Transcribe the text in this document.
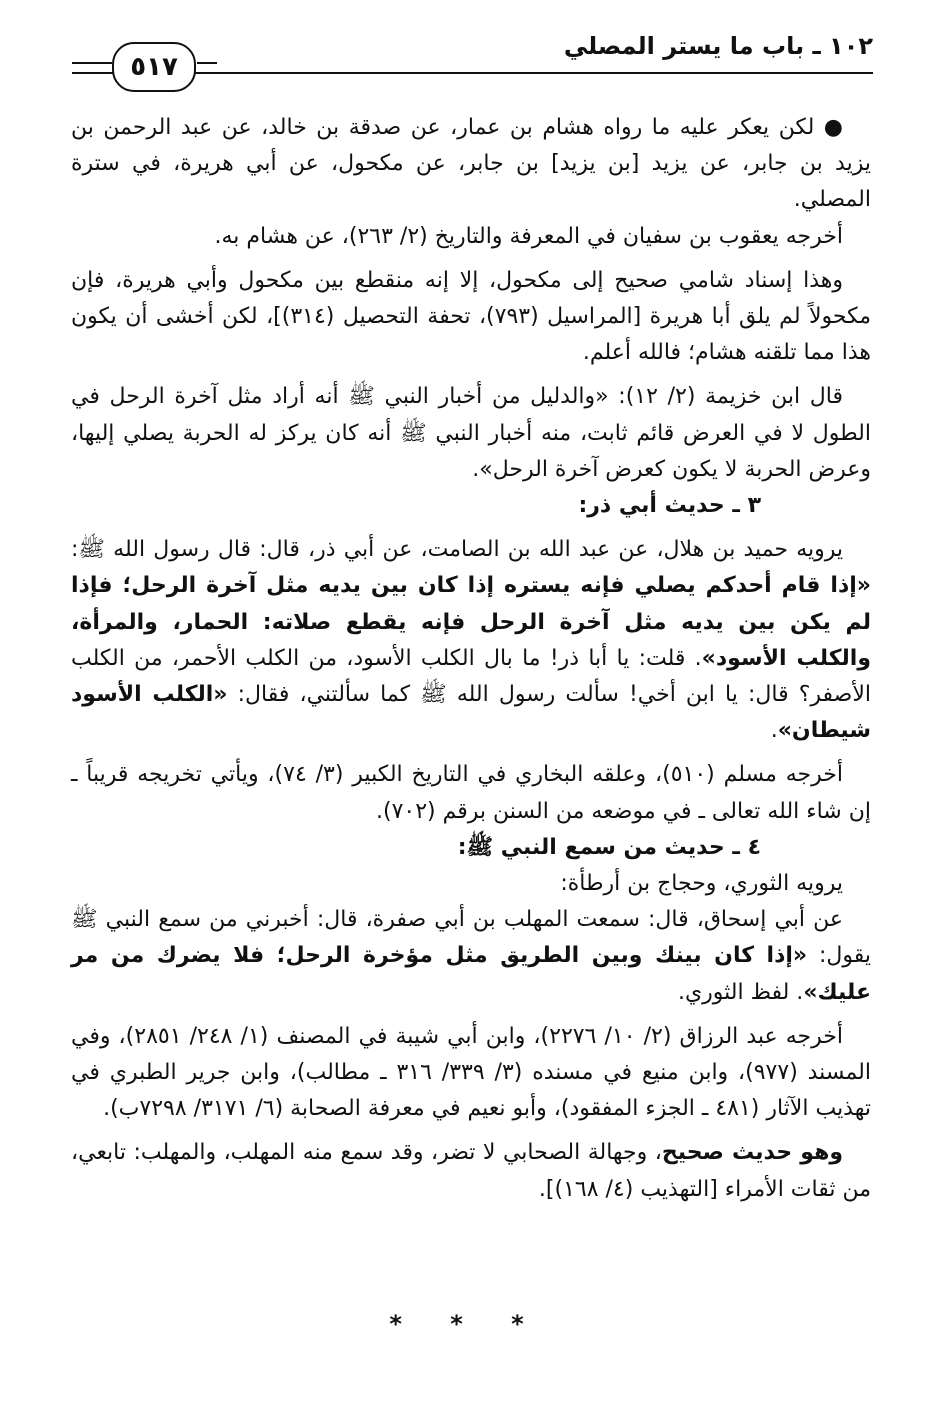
١٠٢ ـ باب ما يستر المصلي
٥١٧

● لكن يعكر عليه ما رواه هشام بن عمار، عن صدقة بن خالد، عن عبد الرحمن بن يزيد بن جابر، عن يزيد [بن يزيد] بن جابر، عن مكحول، عن أبي هريرة، في سترة المصلي.

أخرجه يعقوب بن سفيان في المعرفة والتاريخ (٢/ ٢٦٣)، عن هشام به.

وهذا إسناد شامي صحيح إلى مكحول، إلا إنه منقطع بين مكحول وأبي هريرة، فإن مكحولاً لم يلق أبا هريرة [المراسيل (٧٩٣)، تحفة التحصيل (٣١٤)]، لكن أخشى أن يكون هذا مما تلقنه هشام؛ فالله أعلم.

قال ابن خزيمة (٢/ ١٢): «والدليل من أخبار النبي ﷺ أنه أراد مثل آخرة الرحل في الطول لا في العرض قائم ثابت، منه أخبار النبي ﷺ أنه كان يركز له الحربة يصلي إليها، وعرض الحربة لا يكون كعرض آخرة الرحل».

٣ ـ حديث أبي ذر:

يرويه حميد بن هلال، عن عبد الله بن الصامت، عن أبي ذر، قال: قال رسول الله ﷺ: «إذا قام أحدكم يصلي فإنه يستره إذا كان بين يديه مثل آخرة الرحل؛ فإذا لم يكن بين يديه مثل آخرة الرحل فإنه يقطع صلاته: الحمار، والمرأة، والكلب الأسود». قلت: يا أبا ذر! ما بال الكلب الأسود، من الكلب الأحمر، من الكلب الأصفر؟ قال: يا ابن أخي! سألت رسول الله ﷺ كما سألتني، فقال: «الكلب الأسود شيطان».

أخرجه مسلم (٥١٠)، وعلقه البخاري في التاريخ الكبير (٣/ ٧٤)، ويأتي تخريجه قريباً ـ إن شاء الله تعالى ـ في موضعه من السنن برقم (٧٠٢).

٤ ـ حديث من سمع النبي ﷺ:

يرويه الثوري، وحجاج بن أرطأة:

عن أبي إسحاق، قال: سمعت المهلب بن أبي صفرة، قال: أخبرني من سمع النبي ﷺ يقول: «إذا كان بينك وبين الطريق مثل مؤخرة الرحل؛ فلا يضرك من مر عليك». لفظ الثوري.

أخرجه عبد الرزاق (٢/ ١٠/ ٢٢٧٦)، وابن أبي شيبة في المصنف (١/ ٢٤٨/ ٢٨٥١)، وفي المسند (٩٧٧)، وابن منيع في مسنده (٣/ ٣٣٩/ ٣١٦ ـ مطالب)، وابن جرير الطبري في تهذيب الآثار (٤٨١ ـ الجزء المفقود)، وأبو نعيم في معرفة الصحابة (٦/ ٣١٧١/ ٧٢٩٨ب).

وهو حديث صحيح، وجهالة الصحابي لا تضر، وقد سمع منه المهلب، والمهلب: تابعي، من ثقات الأمراء [التهذيب (٤/ ١٦٨)].

* * *
